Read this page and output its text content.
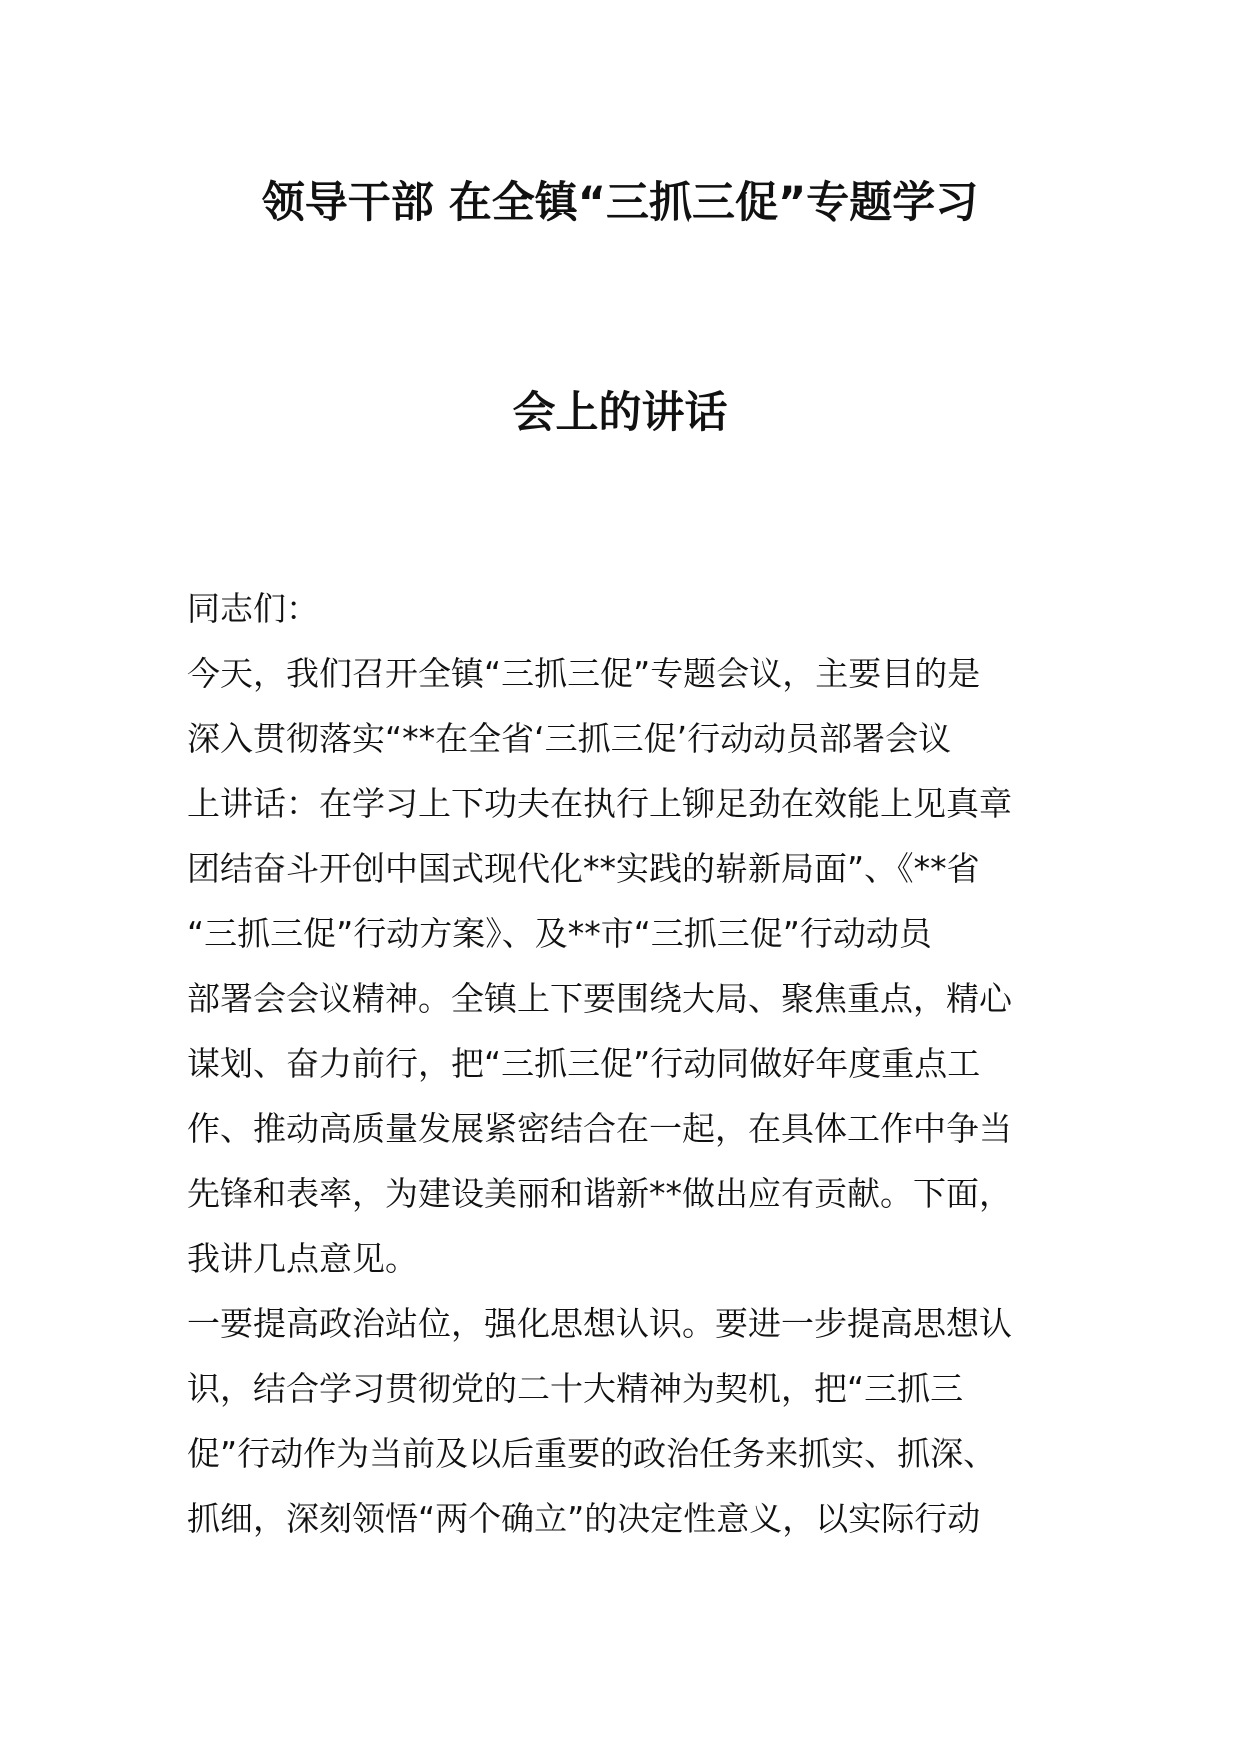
领导干部 在全镇“三抓三促”专题学习
会上的讲话
同志们：
今天，我们召开全镇“三抓三促”专题会议，主要目的是
深入贯彻落实“**在全省‘三抓三促’行动动员部署会议
上讲话：在学习上下功夫在执行上铆足劲在效能上见真章
团结奋斗开创中国式现代化**实践的崭新局面”、《**省
“三抓三促”行动方案》、及**市“三抓三促”行动动员
部署会会议精神。全镇上下要围绕大局、聚焦重点，精心
谋划、奋力前行，把“三抓三促”行动同做好年度重点工
作、推动高质量发展紧密结合在一起，在具体工作中争当
先锋和表率，为建设美丽和谐新**做出应有贡献。下面，
我讲几点意见。
一要提高政治站位，强化思想认识。要进一步提高思想认
识，结合学习贯彻党的二十大精神为契机，把“三抓三
促”行动作为当前及以后重要的政治任务来抓实、抓深、
抓细，深刻领悟“两个确立”的决定性意义，以实际行动
